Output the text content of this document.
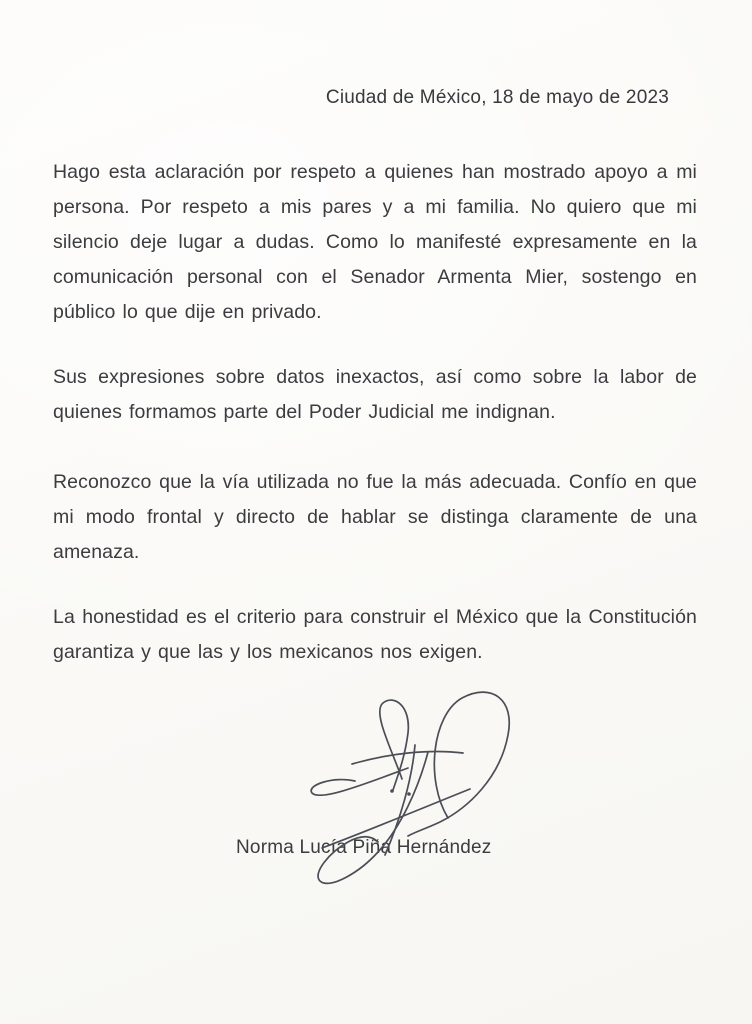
Ciudad de México, 18 de mayo de 2023

Hago esta aclaración por respeto a quienes han mostrado apoyo a mi persona. Por respeto a mis pares y a mi familia. No quiero que mi silencio deje lugar a dudas. Como lo manifesté expresamente en la comunicación personal con el Senador Armenta Mier, sostengo en público lo que dije en privado.

Sus expresiones sobre datos inexactos, así como sobre la labor de quienes formamos parte del Poder Judicial me indignan.

Reconozco que la vía utilizada no fue la más adecuada. Confío en que mi modo frontal y directo de hablar se distinga claramente de una amenaza.

La honestidad es el criterio para construir el México que la Constitución garantiza y que las y los mexicanos nos exigen.

Norma Lucía Piña Hernández
